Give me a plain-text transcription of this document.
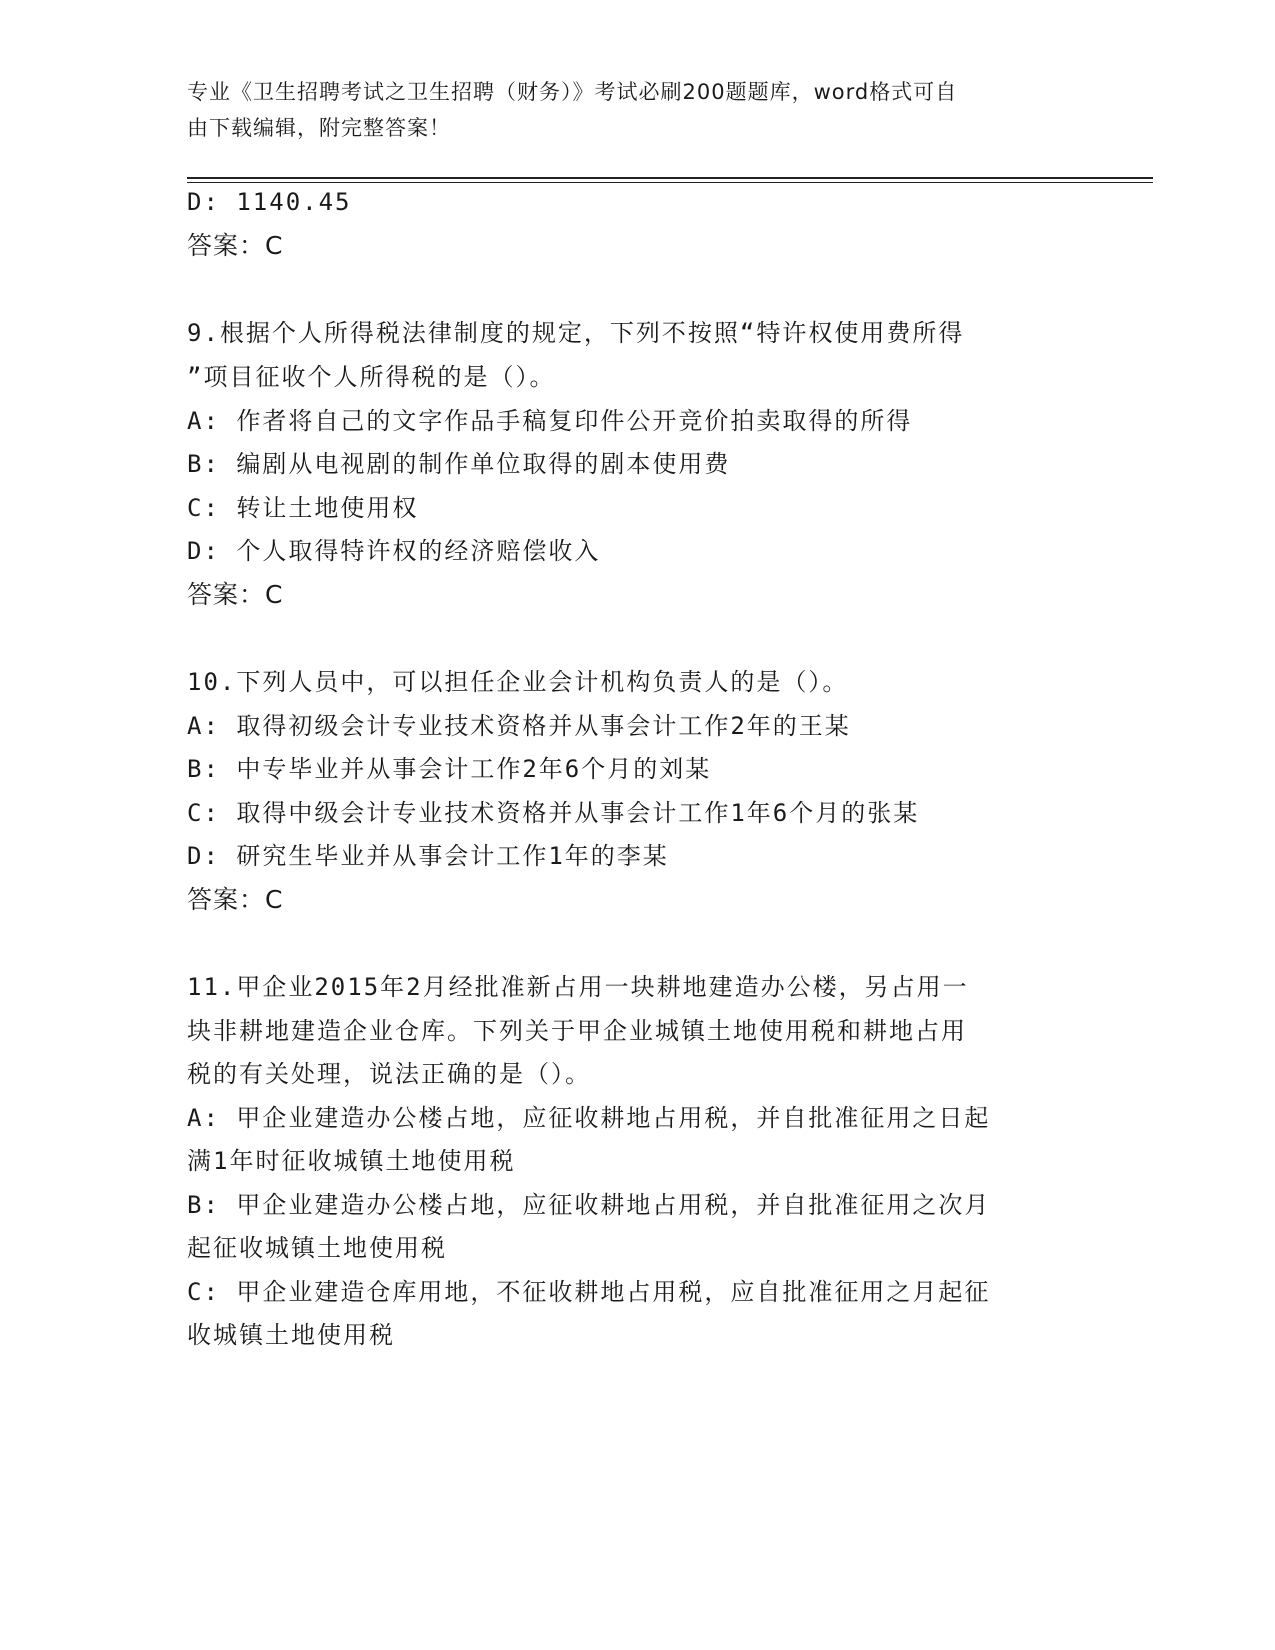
专业《卫生招聘考试之卫生招聘（财务）》考试必刷200题题库，word格式可自
由下载编辑，附完整答案！
D: 1140.45
答案：C
9.根据个人所得税法律制度的规定，下列不按照“特许权使用费所得
”项目征收个人所得税的是（）。
A: 作者将自己的文字作品手稿复印件公开竞价拍卖取得的所得
B: 编剧从电视剧的制作单位取得的剧本使用费
C: 转让土地使用权
D: 个人取得特许权的经济赔偿收入
答案：C
10.下列人员中，可以担任企业会计机构负责人的是（）。
A: 取得初级会计专业技术资格并从事会计工作2年的王某
B: 中专毕业并从事会计工作2年6个月的刘某
C: 取得中级会计专业技术资格并从事会计工作1年6个月的张某
D: 研究生毕业并从事会计工作1年的李某
答案：C
11.甲企业2015年2月经批准新占用一块耕地建造办公楼，另占用一
块非耕地建造企业仓库。下列关于甲企业城镇土地使用税和耕地占用
税的有关处理，说法正确的是（）。
A: 甲企业建造办公楼占地，应征收耕地占用税，并自批准征用之日起
满1年时征收城镇土地使用税
B: 甲企业建造办公楼占地，应征收耕地占用税，并自批准征用之次月
起征收城镇土地使用税
C: 甲企业建造仓库用地，不征收耕地占用税，应自批准征用之月起征
收城镇土地使用税
